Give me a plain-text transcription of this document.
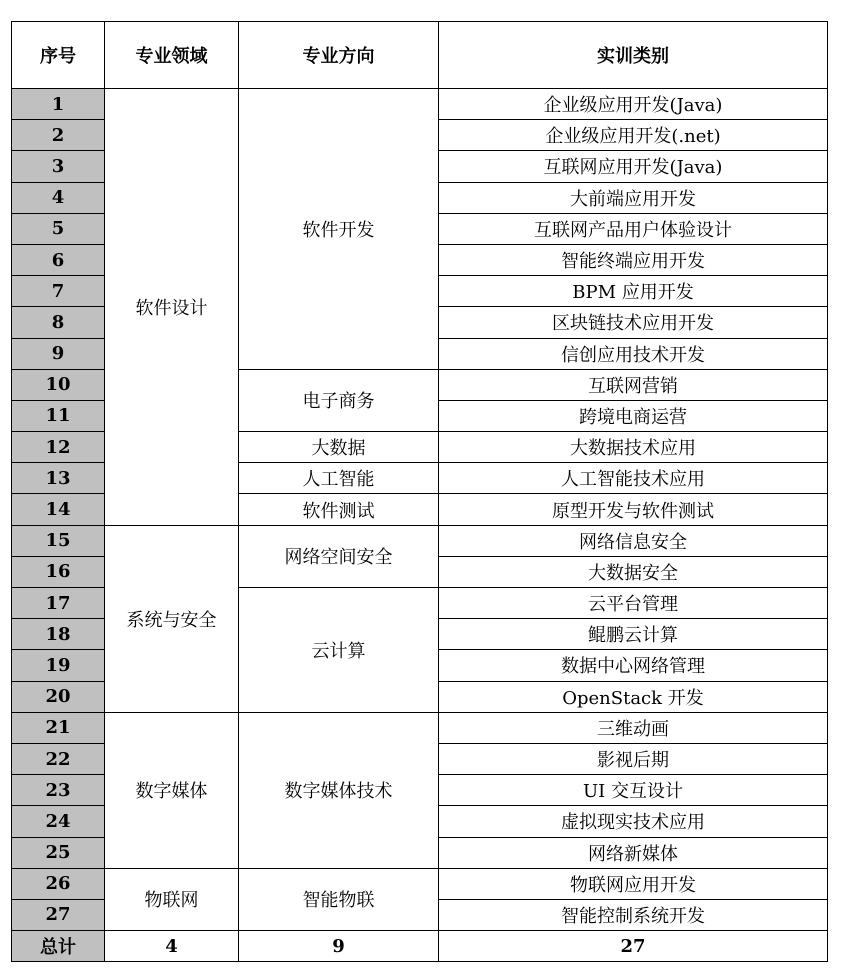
序号	专业领域	专业方向	实训类别
1	软件设计	软件开发	企业级应用开发(Java)
2			企业级应用开发(.net)
3			互联网应用开发(Java)
4			大前端应用开发
5			互联网产品用户体验设计
6			智能终端应用开发
7			BPM 应用开发
8			区块链技术应用开发
9			信创应用技术开发
10		电子商务	互联网营销
11			跨境电商运营
12		大数据	大数据技术应用
13		人工智能	人工智能技术应用
14		软件测试	原型开发与软件测试
15	系统与安全	网络空间安全	网络信息安全
16			大数据安全
17		云计算	云平台管理
18			鲲鹏云计算
19			数据中心网络管理
20			OpenStack 开发
21	数字媒体	数字媒体技术	三维动画
22			影视后期
23			UI 交互设计
24			虚拟现实技术应用
25			网络新媒体
26	物联网	智能物联	物联网应用开发
27			智能控制系统开发
总计	4	9	27
